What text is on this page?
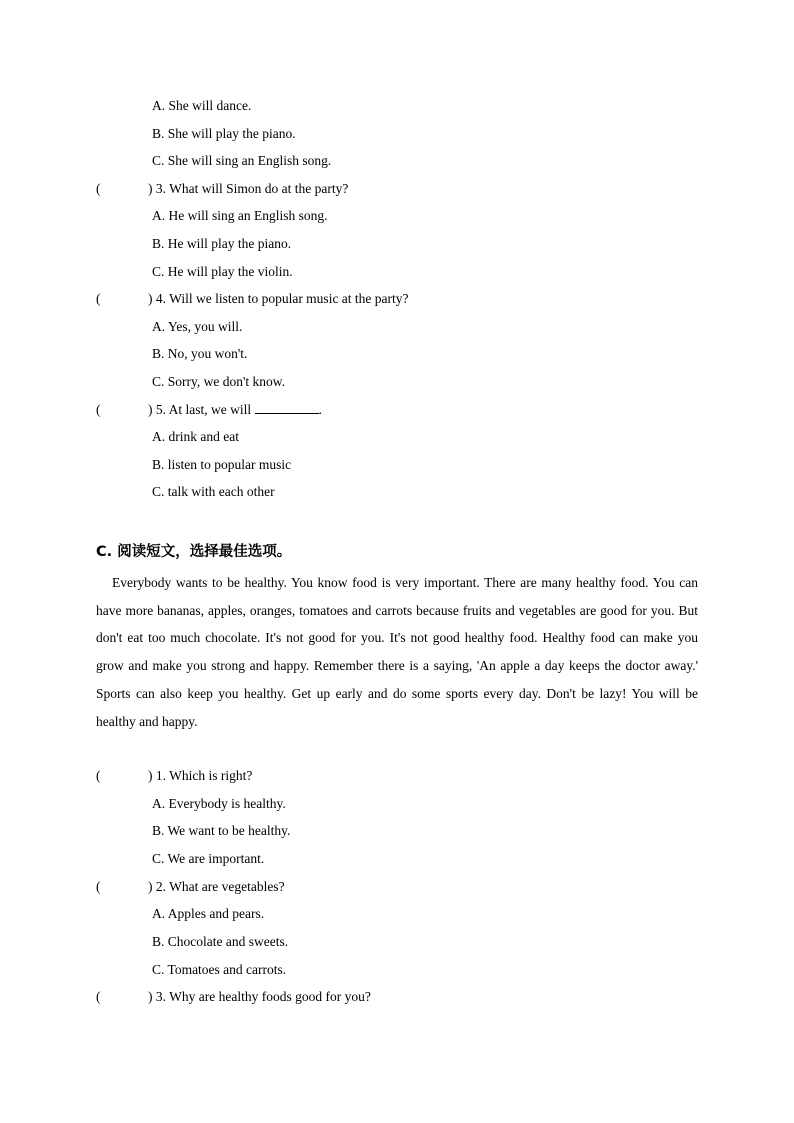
A. She will dance.
B. She will play the piano.
C. She will sing an English song.
(	) 3. What will Simon do at the party?
A. He will sing an English song.
B. He will play the piano.
C. He will play the violin.
(	) 4. Will we listen to popular music at the party?
A. Yes, you will.
B. No, you won't.
C. Sorry, we don't know.
(	) 5. At last, we will	.
A. drink and eat
B. listen to popular music
C. talk with each other
C. 阅读短文，选择最佳选项。
Everybody wants to be healthy. You know food is very important. There are many healthy food. You can have more bananas, apples, oranges, tomatoes and carrots because fruits and vegetables are good for you. But don't eat too much chocolate. It's not good for you. It's not good healthy food. Healthy food can make you grow and make you strong and happy. Remember there is a saying, 'An apple a day keeps the doctor away.' Sports can also keep you healthy. Get up early and do some sports every day. Don't be lazy! You will be healthy and happy.
(	) 1. Which is right?
A. Everybody is healthy.
B. We want to be healthy.
C. We are important.
(	) 2. What are vegetables?
A. Apples and pears.
B. Chocolate and sweets.
C. Tomatoes and carrots.
(	) 3. Why are healthy foods good for you?
